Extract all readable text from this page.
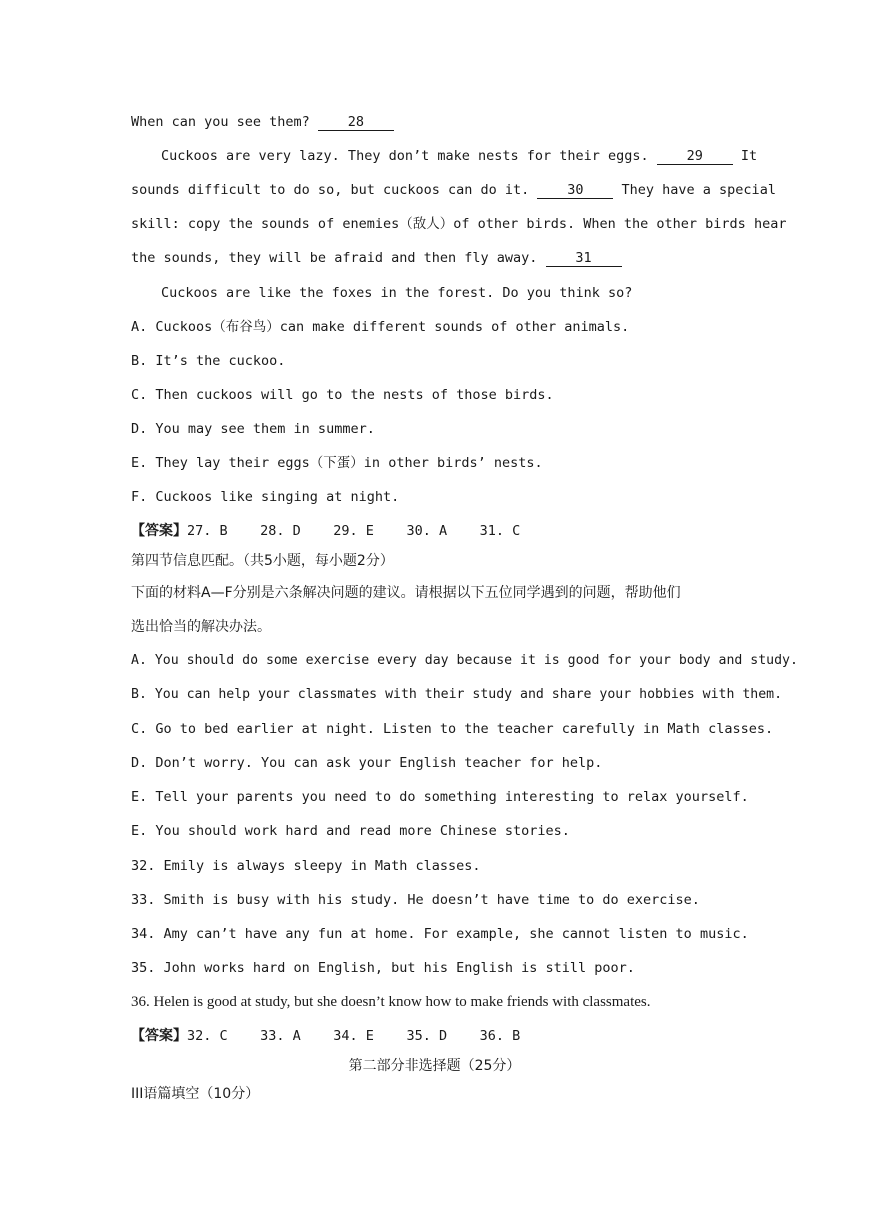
When can you see them? 28
Cuckoos are very lazy. They don’t make nests for their eggs. 29 It
sounds difficult to do so, but cuckoos can do it. 30 They have a special
skill: copy the sounds of enemies（敌人）of other birds. When the other birds hear
the sounds, they will be afraid and then fly away. 31
Cuckoos are like the foxes in the forest. Do you think so?
A. Cuckoos（布谷鸟）can make different sounds of other animals.
B. It’s the cuckoo.
C. Then cuckoos will go to the nests of those birds.
D. You may see them in summer.
E. They lay their eggs（下蛋）in other birds’ nests.
F. Cuckoos like singing at night.
【答案】27. B    28. D    29. E    30. A    31. C
第四节信息匹配。（共5小题，每小题2分）
下面的材料A—F分别是六条解决问题的建议。请根据以下五位同学遇到的问题，帮助他们
选出恰当的解决办法。
A. You should do some exercise every day because it is good for your body and study.
B. You can help your classmates with their study and share your hobbies with them.
C. Go to bed earlier at night. Listen to the teacher carefully in Math classes.
D. Don’t worry. You can ask your English teacher for help.
E. Tell your parents you need to do something interesting to relax yourself.
E. You should work hard and read more Chinese stories.
32. Emily is always sleepy in Math classes.
33. Smith is busy with his study. He doesn’t have time to do exercise.
34. Amy can’t have any fun at home. For example, she cannot listen to music.
35. John works hard on English, but his English is still poor.
36. Helen is good at study, but she doesn’t know how to make friends with classmates.
【答案】32. C    33. A    34. E    35. D    36. B
第二部分非选择题（25分）
III语篇填空（10分）
